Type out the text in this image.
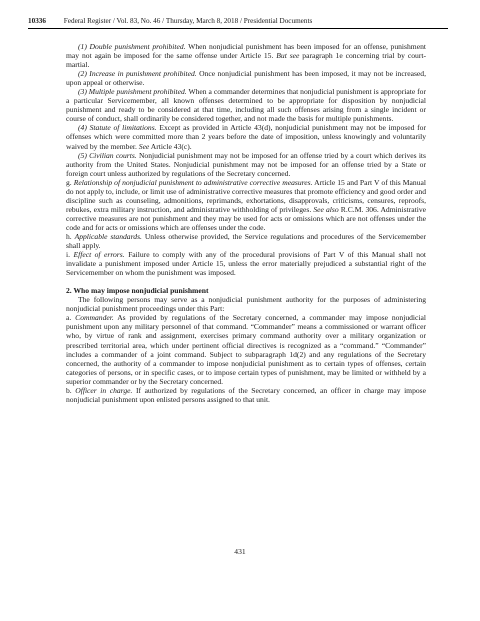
10336 Federal Register / Vol. 83, No. 46 / Thursday, March 8, 2018 / Presidential Documents

(1) Double punishment prohibited. When nonjudicial punishment has been imposed for an offense, punishment may not again be imposed for the same offense under Article 15. But see paragraph 1e concerning trial by court-martial.

(2) Increase in punishment prohibited. Once nonjudicial punishment has been imposed, it may not be increased, upon appeal or otherwise.

(3) Multiple punishment prohibited. When a commander determines that nonjudicial punishment is appropriate for a particular Servicemember, all known offenses determined to be appropriate for disposition by nonjudicial punishment and ready to be considered at that time, including all such offenses arising from a single incident or course of conduct, shall ordinarily be considered together, and not made the basis for multiple punishments.

(4) Statute of limitations. Except as provided in Article 43(d), nonjudicial punishment may not be imposed for offenses which were committed more than 2 years before the date of imposition, unless knowingly and voluntarily waived by the member. See Article 43(c).

(5) Civilian courts. Nonjudicial punishment may not be imposed for an offense tried by a court which derives its authority from the United States. Nonjudicial punishment may not be imposed for an offense tried by a State or foreign court unless authorized by regulations of the Secretary concerned.

g. Relationship of nonjudicial punishment to administrative corrective measures. Article 15 and Part V of this Manual do not apply to, include, or limit use of administrative corrective measures that promote efficiency and good order and discipline such as counseling, admonitions, reprimands, exhortations, disapprovals, criticisms, censures, reproofs, rebukes, extra military instruction, and administrative withholding of privileges. See also R.C.M. 306. Administrative corrective measures are not punishment and they may be used for acts or omissions which are not offenses under the code and for acts or omissions which are offenses under the code.

h. Applicable standards. Unless otherwise provided, the Service regulations and procedures of the Servicemember shall apply.

i. Effect of errors. Failure to comply with any of the procedural provisions of Part V of this Manual shall not invalidate a punishment imposed under Article 15, unless the error materially prejudiced a substantial right of the Servicemember on whom the punishment was imposed.

2. Who may impose nonjudicial punishment

The following persons may serve as a nonjudicial punishment authority for the purposes of administering nonjudicial punishment proceedings under this Part:

a. Commander. As provided by regulations of the Secretary concerned, a commander may impose nonjudicial punishment upon any military personnel of that command. “Commander” means a commissioned or warrant officer who, by virtue of rank and assignment, exercises primary command authority over a military organization or prescribed territorial area, which under pertinent official directives is recognized as a “command.” “Commander” includes a commander of a joint command. Subject to subparagraph 1d(2) and any regulations of the Secretary concerned, the authority of a commander to impose nonjudicial punishment as to certain types of offenses, certain categories of persons, or in specific cases, or to impose certain types of punishment, may be limited or withheld by a superior commander or by the Secretary concerned.

b. Officer in charge. If authorized by regulations of the Secretary concerned, an officer in charge may impose nonjudicial punishment upon enlisted persons assigned to that unit.

431
